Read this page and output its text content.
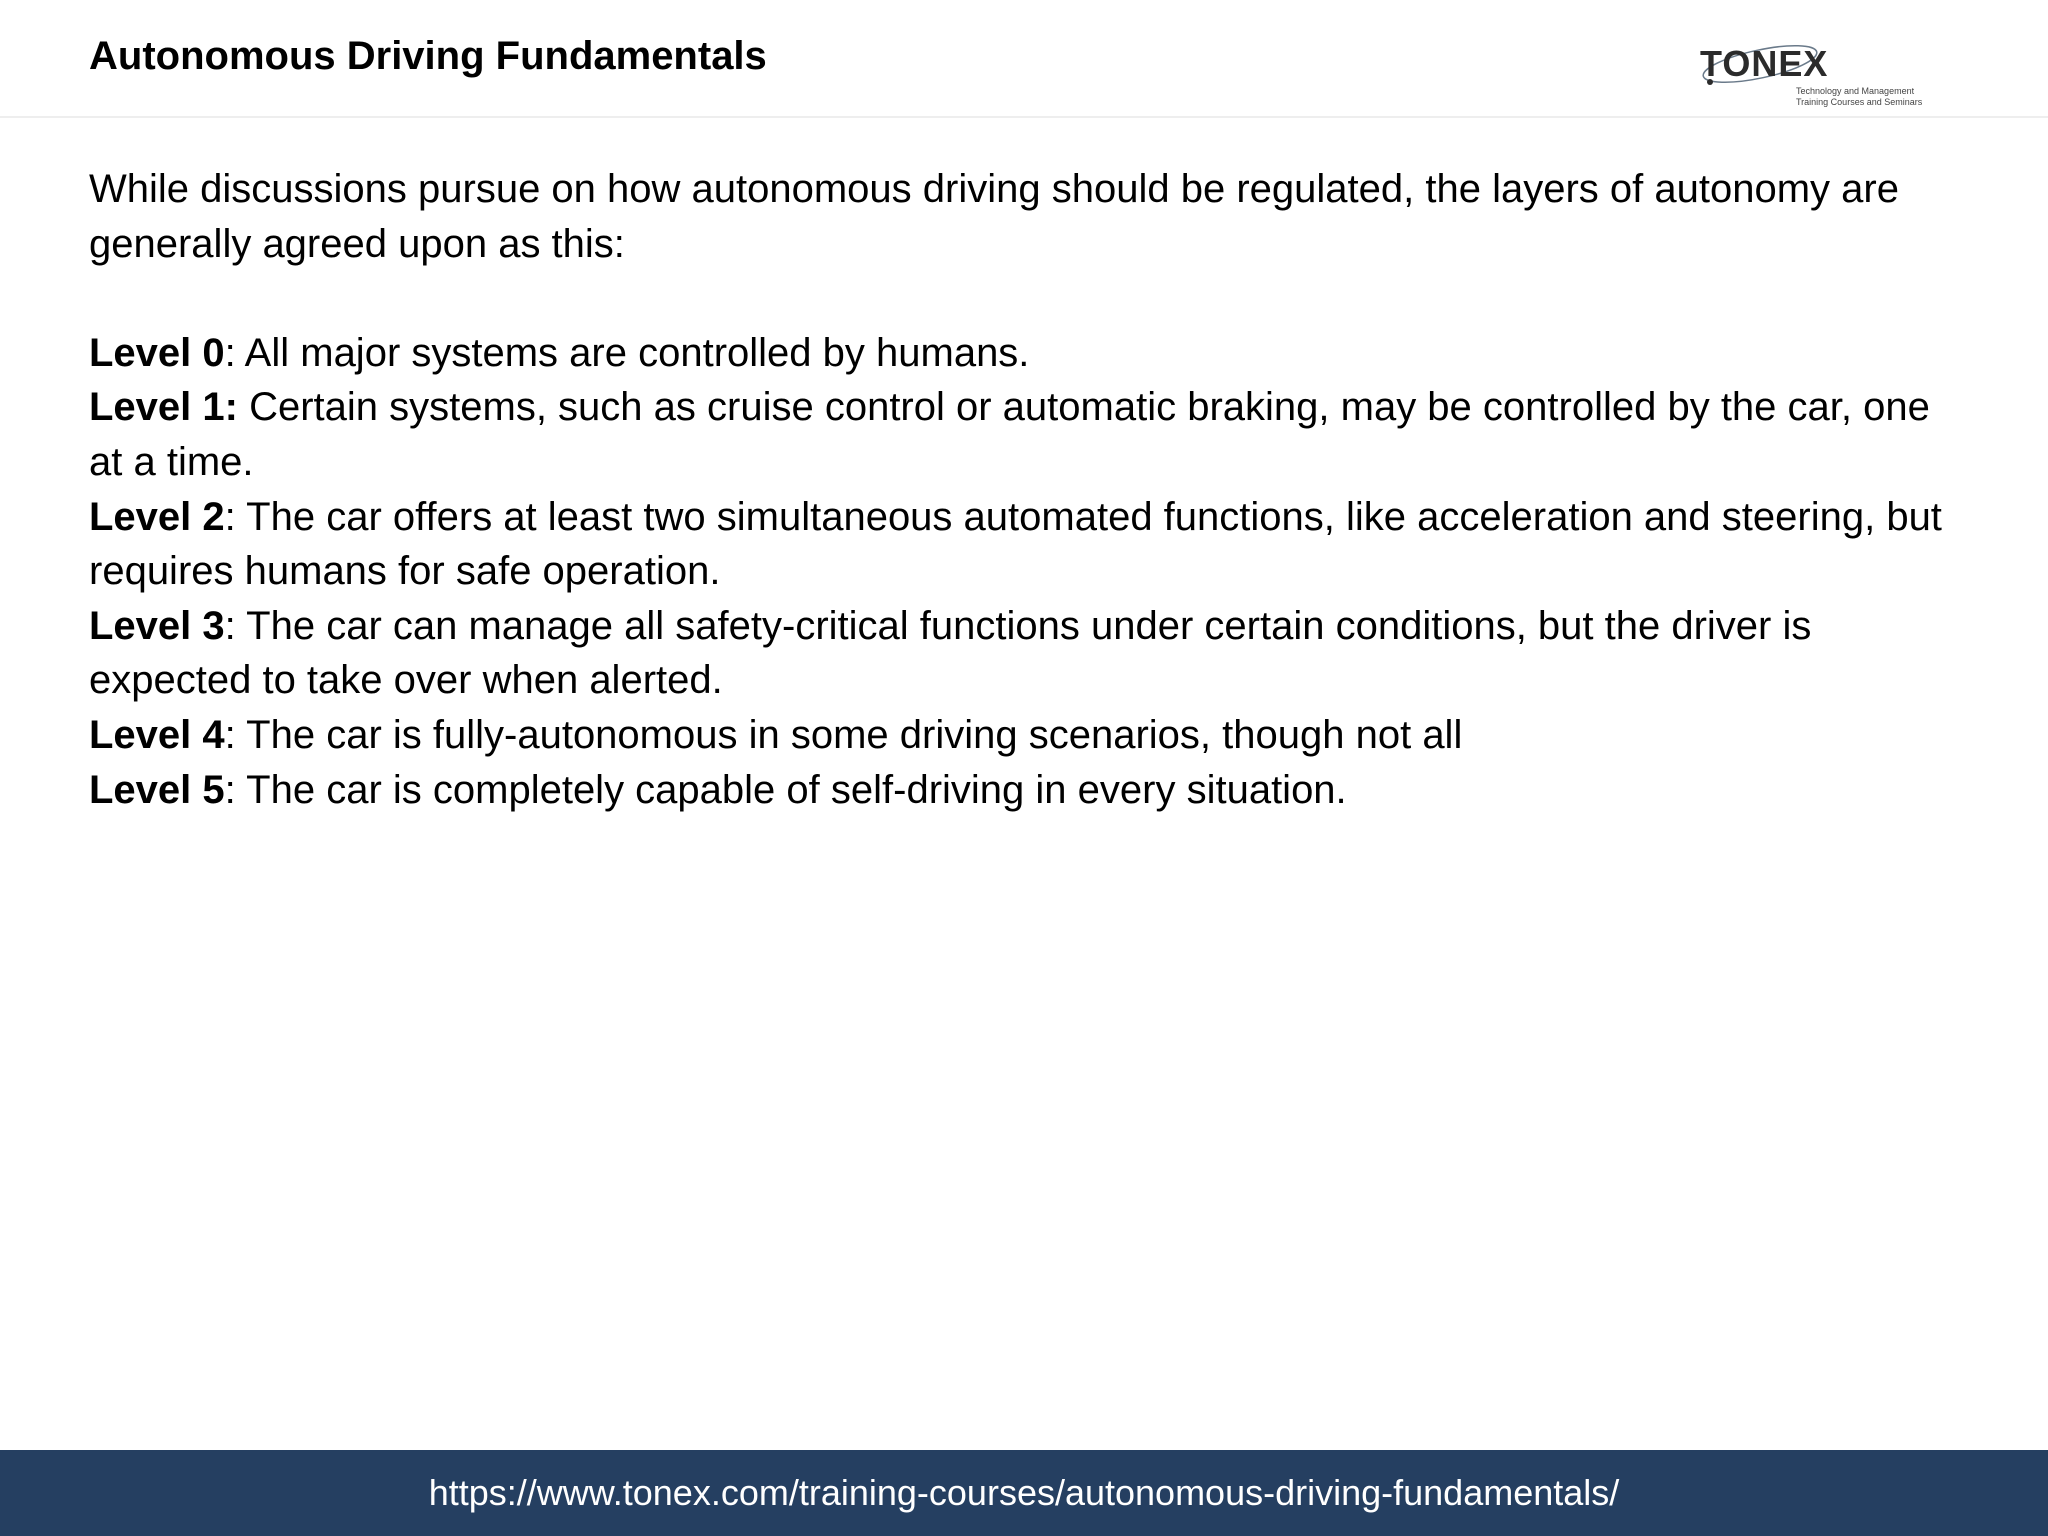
Autonomous Driving Fundamentals	TONEX
Technology and Management
Training Courses and Seminars

While discussions pursue on how autonomous driving should be regulated, the layers of autonomy are generally agreed upon as this:

Level 0: All major systems are controlled by humans.

Level 1: Certain systems, such as cruise control or automatic braking, may be controlled by the car, one at a time.

Level 2: The car offers at least two simultaneous automated functions, like acceleration and steering, but requires humans for safe operation.

Level 3: The car can manage all safety-critical functions under certain conditions, but the driver is expected to take over when alerted.

Level 4: The car is fully-autonomous in some driving scenarios, though not all

Level 5: The car is completely capable of self-driving in every situation.

https://www.tonex.com/training-courses/autonomous-driving-fundamentals/
